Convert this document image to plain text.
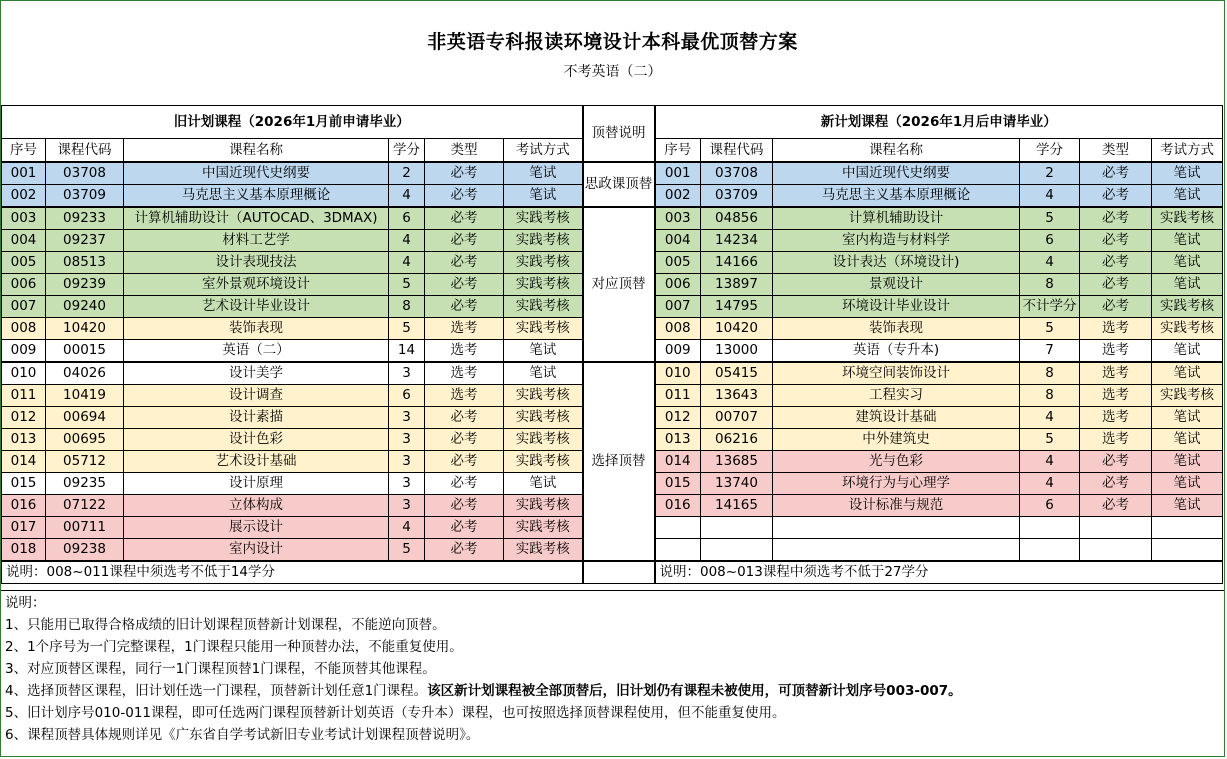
非英语专科报读环境设计本科最优顶替方案
不考英语（二）
旧计划课程（2026年1月前申请毕业）						顶替说明	新计划课程（2026年1月后申请毕业）					
序号	课程代码	课程名称	学分	类型	考试方式		序号	课程代码	课程名称	学分	类型	考试方式
001	03708	中国近现代史纲要	2	必考	笔试	思政课顶替	001	03708	中国近现代史纲要	2	必考	笔试
002	03709	马克思主义基本原理概论	4	必考	笔试		002	03709	马克思主义基本原理概论	4	必考	笔试
003	09233	计算机辅助设计（AUTOCAD、3DMAX)	6	必考	实践考核	对应顶替	003	04856	计算机辅助设计	5	必考	实践考核
004	09237	材料工艺学	4	必考	实践考核		004	14234	室内构造与材料学	6	必考	笔试
005	08513	设计表现技法	4	必考	实践考核		005	14166	设计表达（环境设计)	4	必考	笔试
006	09239	室外景观环境设计	5	必考	实践考核		006	13897	景观设计	8	必考	笔试
007	09240	艺术设计毕业设计	8	必考	实践考核		007	14795	环境设计毕业设计	不计学分	必考	实践考核
008	10420	装饰表现	5	选考	实践考核		008	10420	装饰表现	5	选考	实践考核
009	00015	英语（二）	14	选考	笔试		009	13000	英语（专升本)	7	选考	笔试
010	04026	设计美学	3	选考	笔试	选择顶替	010	05415	环境空间装饰设计	8	选考	笔试
011	10419	设计调查	6	选考	实践考核		011	13643	工程实习	8	选考	实践考核
012	00694	设计素描	3	必考	实践考核		012	00707	建筑设计基础	4	选考	笔试
013	00695	设计色彩	3	必考	实践考核		013	06216	中外建筑史	5	选考	笔试
014	05712	艺术设计基础	3	必考	实践考核		014	13685	光与色彩	4	必考	笔试
015	09235	设计原理	3	必考	笔试		015	13740	环境行为与心理学	4	必考	笔试
016	07122	立体构成	3	必考	实践考核		016	14165	设计标准与规范	6	必考	笔试
017	00711	展示设计	4	必考	实践考核							
018	09238	室内设计	5	必考	实践考核							
说明：008~011课程中须选考不低于14学分							说明：008~013课程中须选考不低于27学分					
说明：
1、只能用已取得合格成绩的旧计划课程顶替新计划课程，不能逆向顶替。
2、1个序号为一门完整课程，1门课程只能用一种顶替办法，不能重复使用。
3、对应顶替区课程，同行一1门课程顶替1门课程，不能顶替其他课程。
4、选择顶替区课程，旧计划任选一门课程，顶替新计划任意1门课程。该区新计划课程被全部顶替后，旧计划仍有课程未被使用，可顶替新计划序号003-007。
5、旧计划序号010-011课程，即可任选两门课程顶替新计划英语（专升本）课程，也可按照选择顶替课程使用，但不能重复使用。
6、课程顶替具体规则详见《广东省自学考试新旧专业考试计划课程顶替说明》。
